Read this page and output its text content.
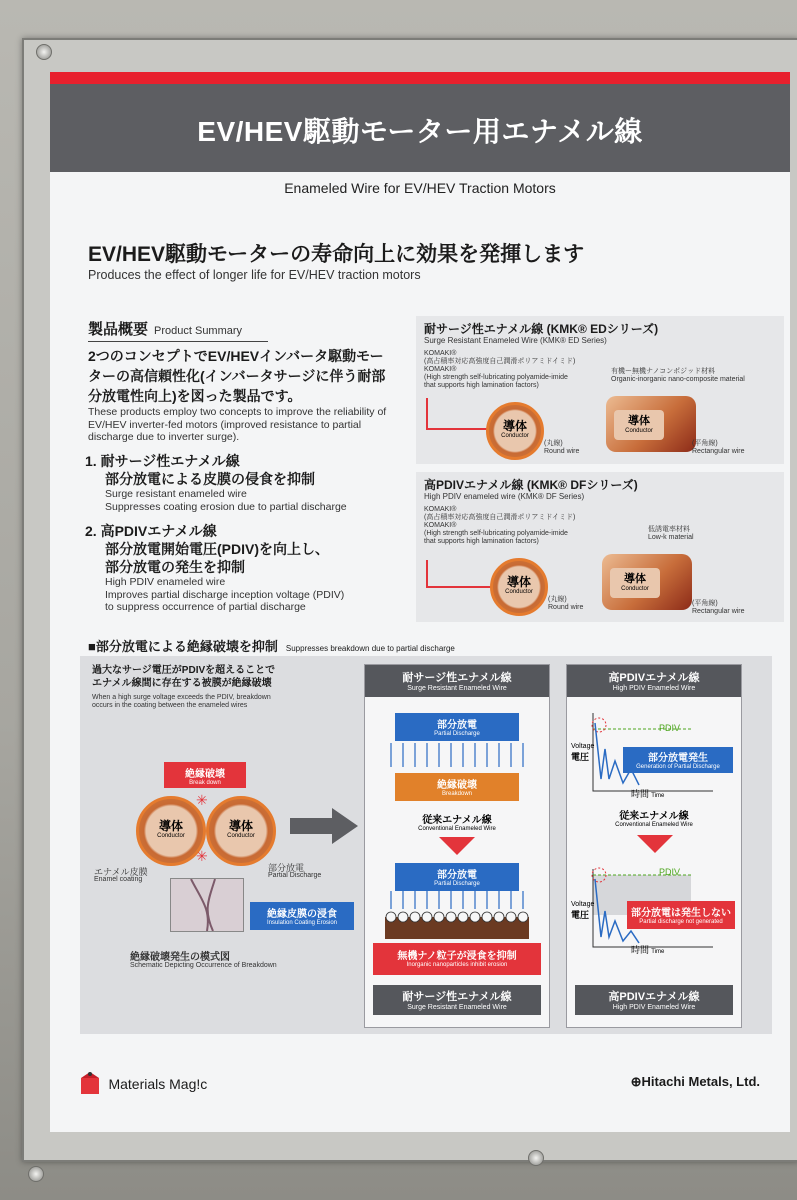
EV/HEV駆動モーター用エナメル線
Enameled Wire for EV/HEV Traction Motors
EV/HEV駆動モーターの寿命向上に効果を発揮します
Produces the effect of longer life for EV/HEV traction motors
製品概要 Product Summary
2つのコンセプトでEV/HEVインバータ駆動モーターの高信頼性化(インバータサージに伴う耐部分放電性向上)を図った製品です。
These products employ two concepts to improve the reliability of EV/HEV inverter-fed motors (improved resistance to partial discharge due to inverter surge).
1. 耐サージ性エナメル線
部分放電による皮膜の侵食を抑制
Surge resistant enameled wire
Suppresses coating erosion due to partial discharge
2. 高PDIVエナメル線
部分放電開始電圧(PDIV)を向上し、
部分放電の発生を抑制
High PDIV enameled wire
Improves partial discharge inception voltage (PDIV)
to suppress occurrence of partial discharge
耐サージ性エナメル線 (KMK® EDシリーズ)
Surge Resistant Enameled Wire (KMK® ED Series)
KOMAKI®
(高占積率対応高強度自己潤滑ポリアミドイミド)
KOMAKI®
(High strength self-lubricating polyamide-imide
that supports high lamination factors)
有機ー無機ナノコンポジッド材料
Organic-inorganic nano-composite material
導体
Conductor
(丸線)
Round wire
導体
Conductor
(平角線)
Rectangular wire
高PDIVエナメル線 (KMK® DFシリーズ)
High PDIV enameled wire (KMK® DF Series)
KOMAKI®
(高占積率対応高強度自己潤滑ポリアミドイミド)
KOMAKI®
(High strength self-lubricating polyamide-imide
that supports high lamination factors)
低誘電率材料
Low-k material
導体
Conductor
(丸線)
Round wire
導体
Conductor
(平角線)
Rectangular wire
■部分放電による絶縁破壊を抑制 Suppresses breakdown due to partial discharge
過大なサージ電圧がPDIVを超えることで
エナメル線間に存在する被膜が絶縁破壊
When a high surge voltage exceeds the PDIV, breakdown
occurs in the coating between the enameled wires
絶縁破壊
Break down
導体
Conductor
導体
Conductor
✳
✳
エナメル皮膜
Enamel coating
部分放電
Partial Discharge
絶縁皮膜の浸食
Insulation Coating Erosion
絶縁破壊発生の模式図
Schematic Depicting Occurrence of Breakdown
耐サージ性エナメル線
Surge Resistant Enameled Wire
部分放電
Partial Discharge
絶縁破壊
Breakdown
従来エナメル線
Conventional Enameled Wire
部分放電
Partial Discharge
無機ナノ粒子が浸食を抑制
Inorganic nanoparticles inhibit erosion
耐サージ性エナメル線
Surge Resistant Enameled Wire
高PDIVエナメル線
High PDIV Enameled Wire
PDIV
Voltage
電圧	部分放電発生
Generation of Partial Discharge
時間 Time
従来エナメル線
Conventional Enameled Wire
PDIV
Voltage
電圧	部分放電は発生しない
Partial discharge not generated
時間 Time
高PDIVエナメル線
High PDIV Enameled Wire
Materials Mag!c	⊕Hitachi Metals, Ltd.
